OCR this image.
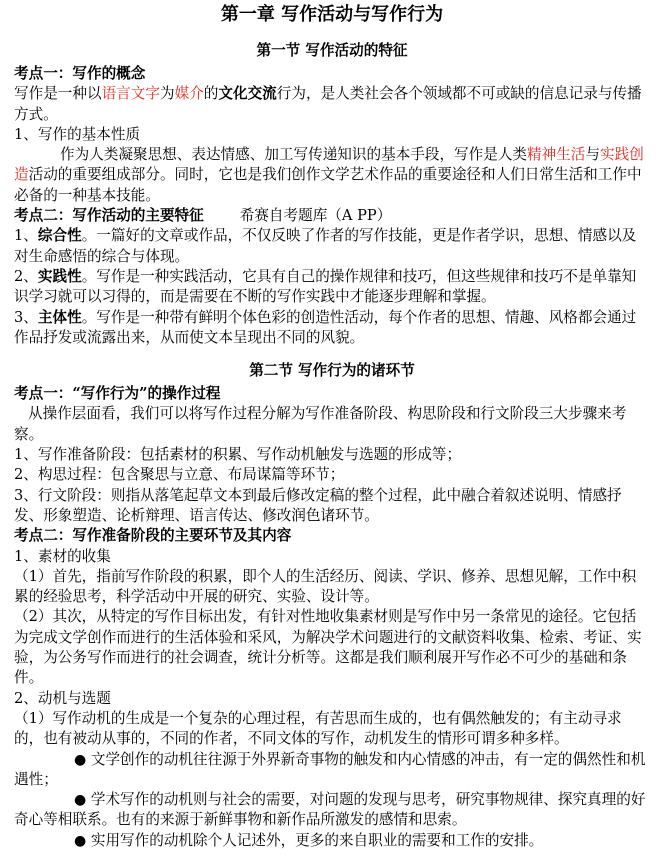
第一章 写作活动与写作行为
第一节 写作活动的特征

考点一：写作的概念

写作是一种以语言文字为媒介的文化交流行为，是人类社会各个领域都不可或缺的信息记录与传播方式。

1、写作的基本性质

作为人类凝聚思想、表达情感、加工写传递知识的基本手段，写作是人类精神生活与实践创造活动的重要组成部分。同时，它也是我们创作文学艺术作品的重要途径和人们日常生活和工作中必备的一种基本技能。

考点二：写作活动的主要特征 希赛自考题库（A PP）

1、综合性。一篇好的文章或作品，不仅反映了作者的写作技能，更是作者学识，思想、情感以及对生命感悟的综合与体现。

2、实践性。写作是一种实践活动，它具有自己的操作规律和技巧，但这些规律和技巧不是单靠知识学习就可以习得的，而是需要在不断的写作实践中才能逐步理解和掌握。

3、主体性。写作是一种带有鲜明个体色彩的创造性活动，每个作者的思想、情趣、风格都会通过作品抒发或流露出来，从而使文本呈现出不同的风貌。

第二节 写作行为的诸环节

考点一：“写作行为”的操作过程

从操作层面看，我们可以将写作过程分解为写作准备阶段、构思阶段和行文阶段三大步骤来考察。

1、写作准备阶段：包括素材的积累、写作动机触发与选题的形成等；

2、构思过程：包含聚思与立意、布局谋篇等环节；

3、行文阶段：则指从落笔起草文本到最后修改定稿的整个过程，此中融合着叙述说明、情感抒发、形象塑造、论析辩理、语言传达、修改润色诸环节。

考点二：写作准备阶段的主要环节及其内容

1、素材的收集

（1）首先，指前写作阶段的积累，即个人的生活经历、阅读、学识、修养、思想见解，工作中积累的经验思考，科学活动中开展的研究、实验、设计等。

（2）其次，从特定的写作目标出发，有针对性地收集素材则是写作中另一条常见的途径。它包括为完成文学创作而进行的生活体验和采风，为解决学术问题进行的文献资料收集、检索、考证、实验，为公务写作而进行的社会调查，统计分析等。这都是我们顺利展开写作必不可少的基础和条件。

2、动机与选题

（1）写作动机的生成是一个复杂的心理过程，有苦思而生成的，也有偶然触发的；有主动寻求的，也有被动从事的，不同的作者，不同文体的写作，动机发生的情形可谓多种多样。

● 文学创作的动机往往源于外界新奇事物的触发和内心情感的冲击，有一定的偶然性和机遇性；

● 学术写作的动机则与社会的需要，对问题的发现与思考，研究事物规律、探究真理的好奇心等相联系。也有的来源于新鲜事物和新作品所激发的感情和思索。

● 实用写作的动机除个人记述外，更多的来自职业的需要和工作的安排。
